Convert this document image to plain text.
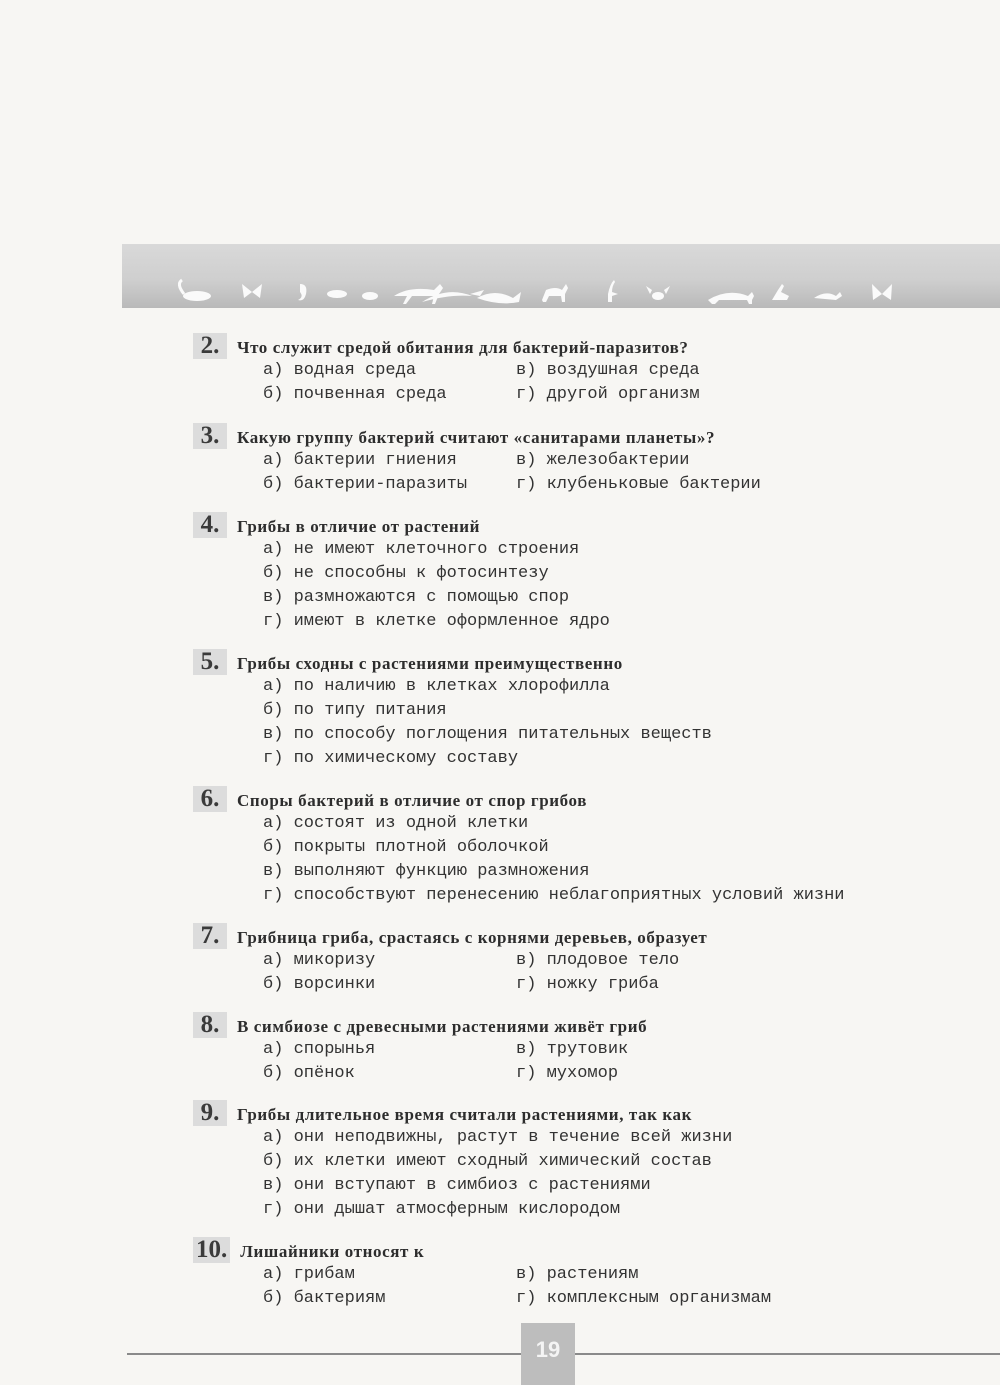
2.	Что служит средой обитания для бактерий-паразитов?
а) водная среда	в) воздушная среда
б) почвенная среда	г) другой организм
3.	Какую группу бактерий считают «санитарами планеты»?
а) бактерии гниения	в) железобактерии
б) бактерии-паразиты	г) клубеньковые бактерии
4.	Грибы в отличие от растений
а) не имеют клеточного строения
б) не способны к фотосинтезу
в) размножаются с помощью спор
г) имеют в клетке оформленное ядро
5.	Грибы сходны с растениями преимущественно
а) по наличию в клетках хлорофилла
б) по типу питания
в) по способу поглощения питательных веществ
г) по химическому составу
6.	Споры бактерий в отличие от спор грибов
а) состоят из одной клетки
б) покрыты плотной оболочкой
в) выполняют функцию размножения
г) способствуют перенесению неблагоприятных условий жизни
7.	Грибница гриба, срастаясь с корнями деревьев, образует
а) микоризу	в) плодовое тело
б) ворсинки	г) ножку гриба
8.	В симбиозе с древесными растениями живёт гриб
а) спорынья	в) трутовик
б) опёнок	г) мухомор
9.	Грибы длительное время считали растениями, так как
а) они неподвижны, растут в течение всей жизни
б) их клетки имеют сходный химический состав
в) они вступают в симбиоз с растениями
г) они дышат атмосферным кислородом
10. Лишайники относят к
а) грибам	в) растениям
б) бактериям	г) комплексным организмам
19
